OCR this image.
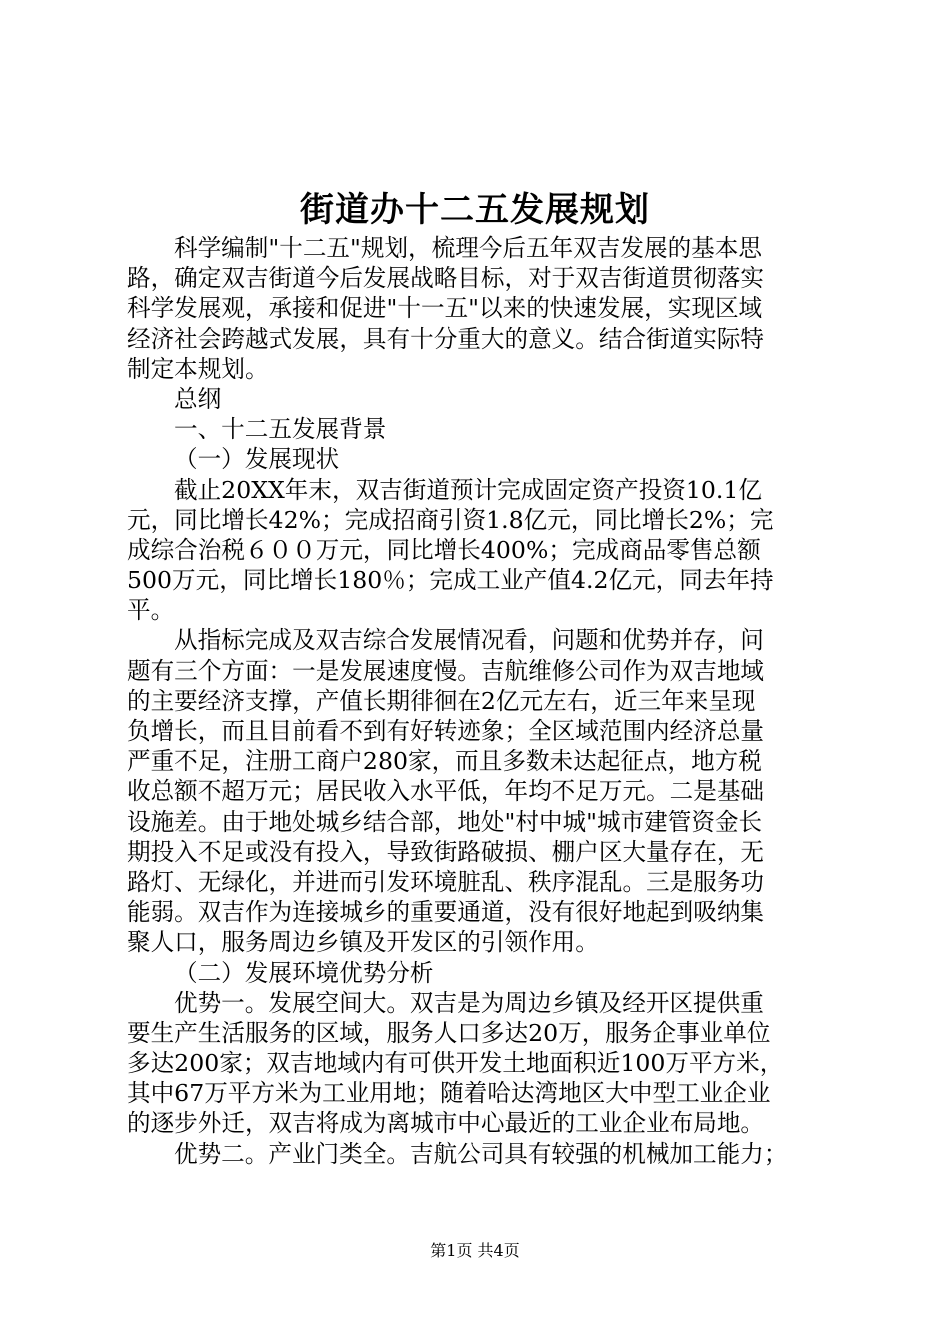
街道办十二五发展规划
科学编制"十二五"规划，梳理今后五年双吉发展的基本思
路，确定双吉街道今后发展战略目标，对于双吉街道贯彻落实
科学发展观，承接和促进"十一五"以来的快速发展，实现区域
经济社会跨越式发展，具有十分重大的意义。结合街道实际特
制定本规划。
总纲
一、十二五发展背景
（一）发展现状
截止20XX年末，双吉街道预计完成固定资产投资10.1亿
元，同比增长42%；完成招商引资1.8亿元，同比增长2%；完
成综合治税６００万元，同比增长400%；完成商品零售总额
500万元，同比增长180％；完成工业产值4.2亿元，同去年持
平。
从指标完成及双吉综合发展情况看，问题和优势并存，问
题有三个方面：一是发展速度慢。吉航维修公司作为双吉地域
的主要经济支撑，产值长期徘徊在2亿元左右，近三年来呈现
负增长，而且目前看不到有好转迹象；全区域范围内经济总量
严重不足，注册工商户280家，而且多数未达起征点，地方税
收总额不超万元；居民收入水平低，年均不足万元。二是基础
设施差。由于地处城乡结合部，地处"村中城"城市建管资金长
期投入不足或没有投入，导致街路破损、棚户区大量存在，无
路灯、无绿化，并进而引发环境脏乱、秩序混乱。三是服务功
能弱。双吉作为连接城乡的重要通道，没有很好地起到吸纳集
聚人口，服务周边乡镇及开发区的引领作用。
（二）发展环境优势分析
优势一。发展空间大。双吉是为周边乡镇及经开区提供重
要生产生活服务的区域，服务人口多达20万，服务企事业单位
多达200家；双吉地域内有可供开发土地面积近100万平方米，
其中67万平方米为工业用地；随着哈达湾地区大中型工业企业
的逐步外迁，双吉将成为离城市中心最近的工业企业布局地。
优势二。产业门类全。吉航公司具有较强的机械加工能力；
第1页 共4页
